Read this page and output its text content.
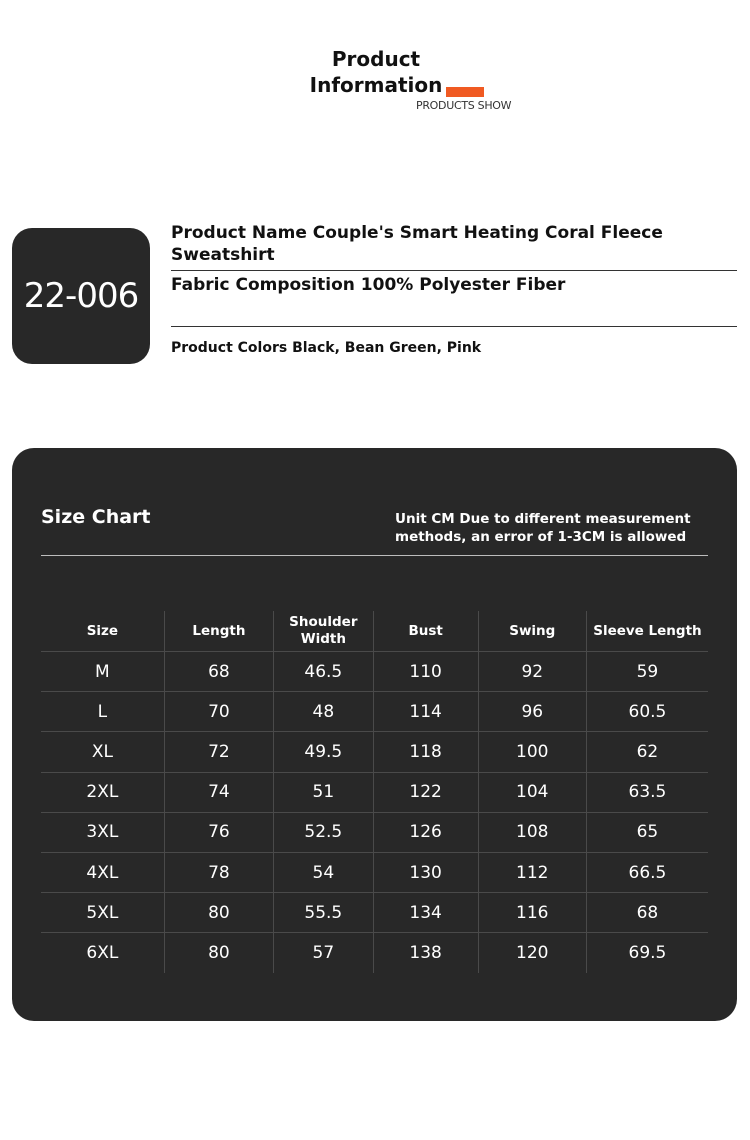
Product Information
PRODUCTS SHOW
22-006
Product Name Couple's Smart Heating Coral Fleece Sweatshirt
Fabric Composition 100% Polyester Fiber
Product Colors Black, Bean Green, Pink
Size Chart	Unit CM Due to different measurement methods, an error of 1-3CM is allowed
Size	Length	Shoulder Width	Bust	Swing	Sleeve Length
M	68	46.5	110	92	59
L	70	48	114	96	60.5
XL	72	49.5	118	100	62
2XL	74	51	122	104	63.5
3XL	76	52.5	126	108	65
4XL	78	54	130	112	66.5
5XL	80	55.5	134	116	68
6XL	80	57	138	120	69.5
